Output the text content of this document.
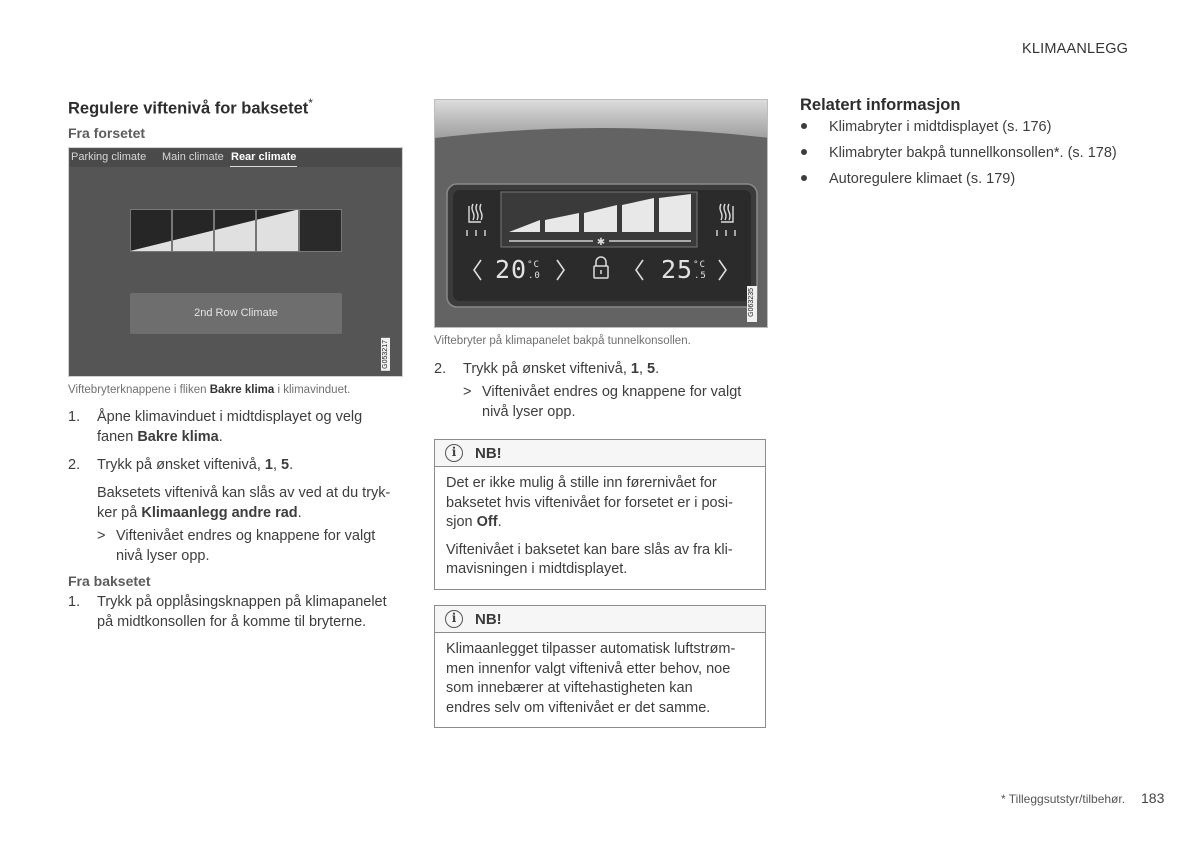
KLIMAANLEGG
Regulere viftenivå for baksetet*
Fra forsetet
Parking climate Main climate Rear climate
2nd Row Climate
G053217
Viftebryterknappene i fliken Bakre klima i klimavinduet.
1. Åpne klimavinduet i midtdisplayet og velg
fanen Bakre klima.
2.	Trykk på ønsket viftenivå, 1, 5.
Baksetets viftenivå kan slås av ved at du tryk-
ker på Klimaanlegg andre rad.
> Viftenivået endres og knappene for valgt
nivå lyser opp.
Fra baksetet
1. Trykk på opplåsingsknappen på klimapanelet
på midtkonsollen for å komme til bryterne.
✱
$20^{^\circ C}.0$	$25^{^\circ C}.5$
G063235
Viftebryter på klimapanelet bakpå tunnelkonsollen.
2.	Trykk på ønsket viftenivå, 1, 5.
> Viftenivået endres og knappene for valgt
nivå lyser opp.
i	NB!
Det er ikke mulig å stille inn førernivået for
baksetet hvis viftenivået for forsetet er i posi-
sjon Off.
Viftenivået i baksetet kan bare slås av fra kli-
mavisningen i midtdisplayet.
i	NB!
Klimaanlegget tilpasser automatisk luftstrøm-
men innenfor valgt viftenivå etter behov, noe
som innebærer at viftehastigheten kan
endres selv om viftenivået er det samme.
Relatert informasjon
Klimabryter i midtdisplayet (s. 176)
Klimabryter bakpå tunnellkonsollen*. (s. 178)
Autoregulere klimaet (s. 179)
* Tilleggsutstyr/tilbehør. 183
